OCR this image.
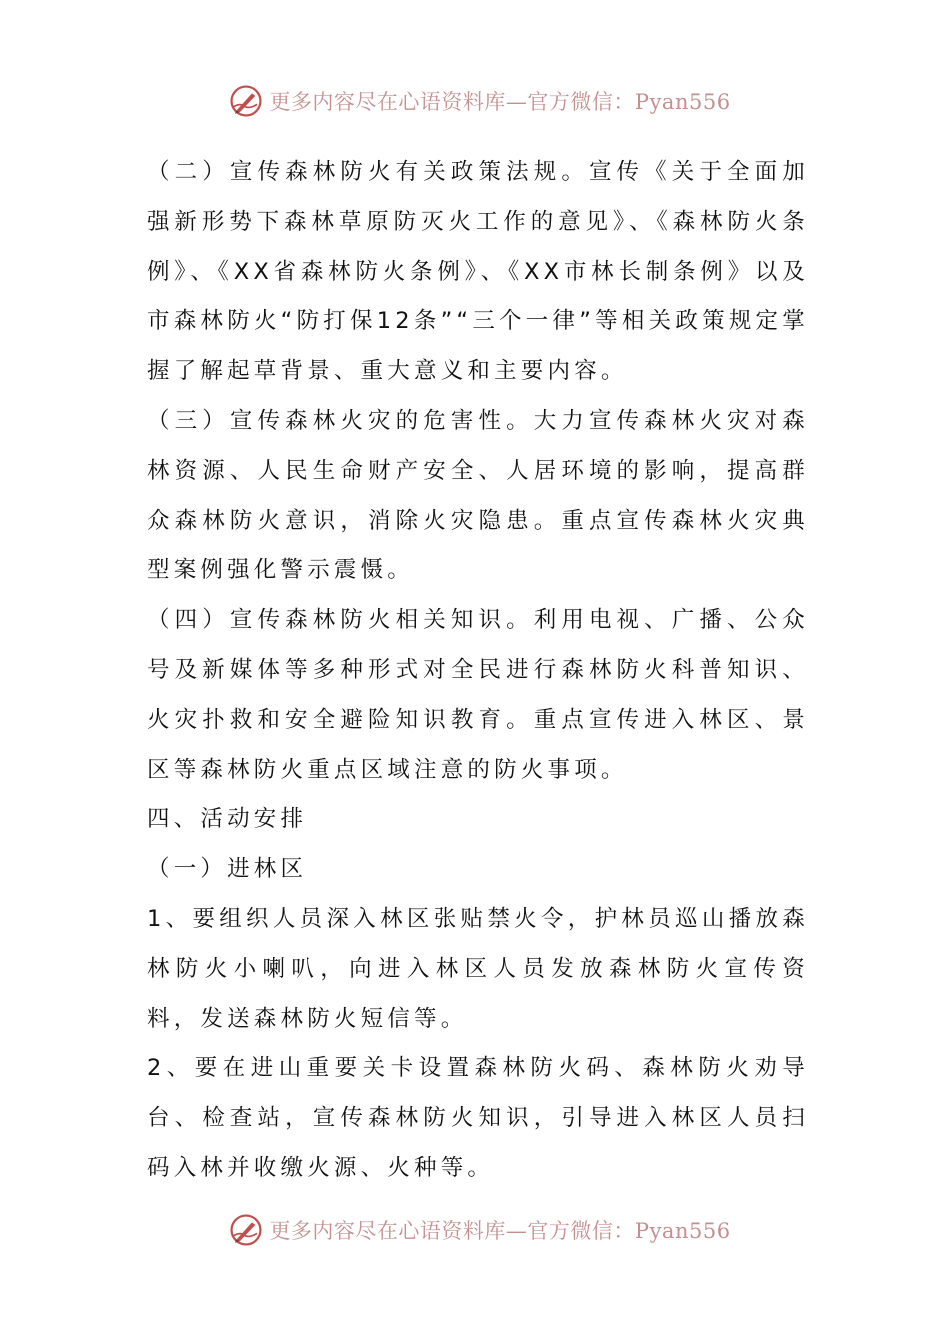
更多内容尽在心语资料库—官方微信：Pyan556

（二）宣传森林防火有关政策法规。宣传《关于全面加强新形势下森林草原防灭火工作的意见》、《森林防火条例》、《XX省森林防火条例》、《XX市林长制条例》以及市森林防火“防打保12条”“三个一律”等相关政策规定掌握了解起草背景、重大意义和主要内容。

（三）宣传森林火灾的危害性。大力宣传森林火灾对森林资源、人民生命财产安全、人居环境的影响，提高群众森林防火意识，消除火灾隐患。重点宣传森林火灾典型案例强化警示震慑。

（四）宣传森林防火相关知识。利用电视、广播、公众号及新媒体等多种形式对全民进行森林防火科普知识、火灾扑救和安全避险知识教育。重点宣传进入林区、景区等森林防火重点区域注意的防火事项。

四、活动安排

（一）进林区

1、要组织人员深入林区张贴禁火令，护林员巡山播放森林防火小喇叭，向进入林区人员发放森林防火宣传资料，发送森林防火短信等。

2、要在进山重要关卡设置森林防火码、森林防火劝导台、检查站，宣传森林防火知识，引导进入林区人员扫码入林并收缴火源、火种等。

更多内容尽在心语资料库—官方微信：Pyan556
